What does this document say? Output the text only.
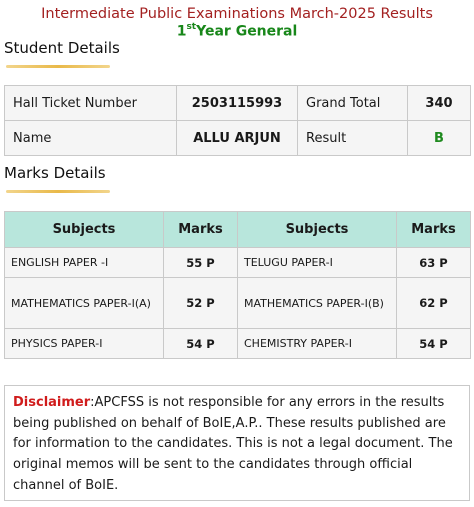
Intermediate Public Examinations March-2025 Results
1stYear General
Student Details
Hall Ticket Number	2503115993	Grand Total	340
Name	ALLU ARJUN	Result	B
Marks Details
Subjects	Marks	Subjects	Marks
ENGLISH PAPER -I	55 P	TELUGU PAPER-I	63 P
MATHEMATICS PAPER-I(A)	52 P	MATHEMATICS PAPER-I(B)	62 P
PHYSICS PAPER-I	54 P	CHEMISTRY PAPER-I	54 P
Disclaimer:APCFSS is not responsible for any errors in the results being published on behalf of BoIE,A.P.. These results published are for information to the candidates. This is not a legal document. The original memos will be sent to the candidates through official channel of BoIE.
